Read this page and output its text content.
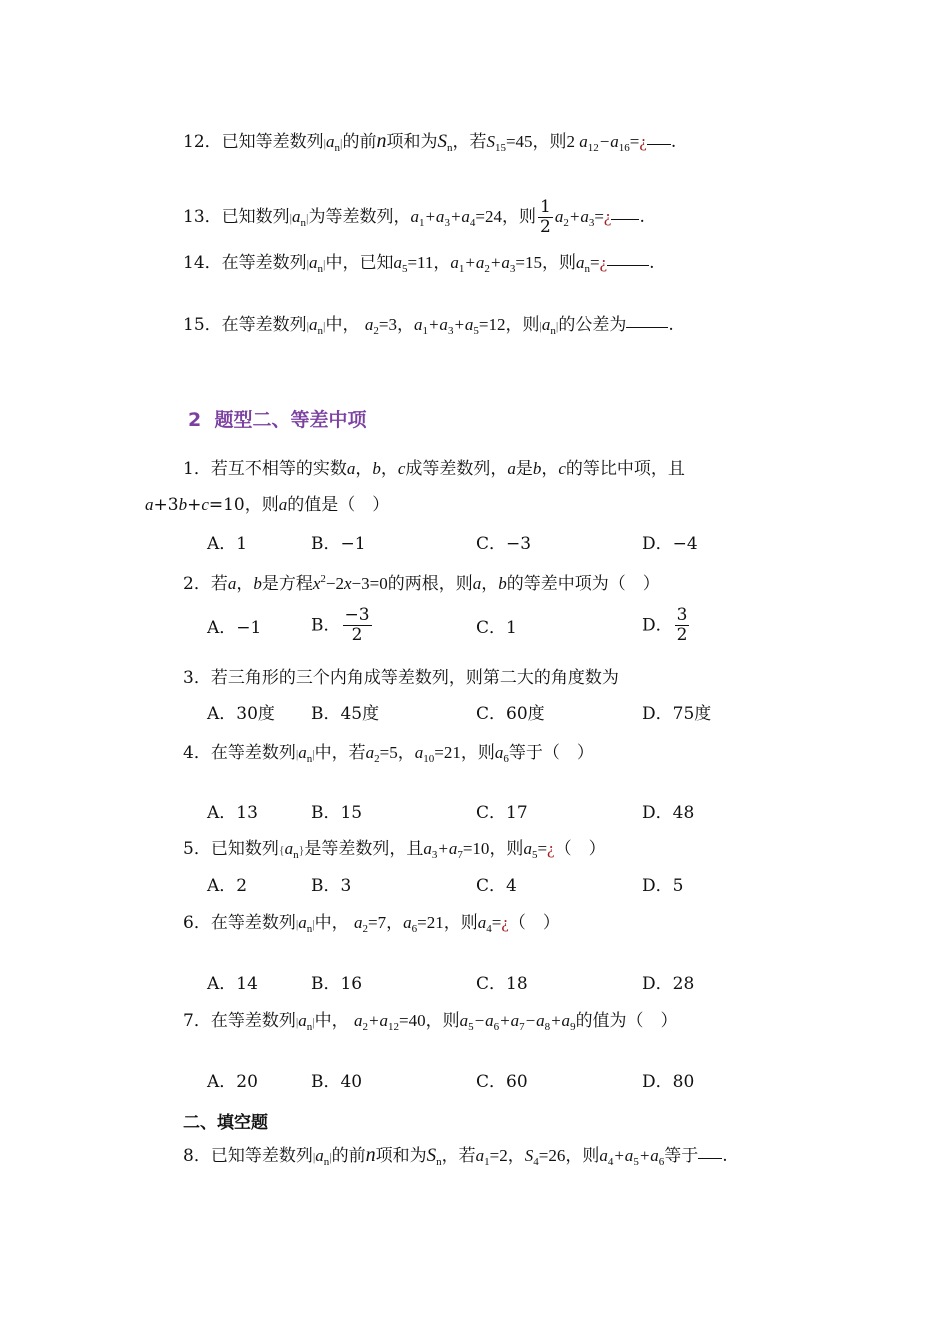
12．已知等差数列$|a_n|$的前n项和为$S_n$，若$S_{15}=45$，则2 $a_{12}-a_{16}=¿$ .
13．已知数列$|a_n|$为等差数列，$a_1+a_3+a_4=24$，则 $\frac{1}{2}$ $a_2+a_3=¿$ .
14．在等差数列$|a_n|$中，已知$a_5=11$，$a_1+a_2+a_3=15$，则$a_n=¿$ .
15．在等差数列$|a_n|$中， $a_2=3$，$a_1+a_3+a_5=12$，则$|a_n|$的公差为 .
2 题型二、等差中项
1．若互不相等的实数a，b，c成等差数列，a是b，c的等比中项，且
a+3b+c=10，则a的值是（　）
A．1	B．−1	C．−3	D．−4
2．若a，b是方程$x^2-2x-3=0$的两根，则a，b的等差中项为（　）
A．−1	B． $\frac{-3}{2}$	C．1	D． $\frac{3}{2}$
3．若三角形的三个内角成等差数列，则第二大的角度数为
A．30度 B．45度	C．60度	D．75度
4．在等差数列$|a_n|$中，若$a_2=5$，$a_{10}=21$，则$a_6$等于（　）
A．13	B．15	C．17	D．48
5．已知数列$\{a_n\}$是等差数列，且$a_3+a_7=10$，则$a_5=¿$（　）
A．2	B．3	C．4	D．5
6．在等差数列$|a_n|$中， $a_2=7$，$a_6=21$，则$a_4=¿$（　）
A．14	B．16	C．18	D．28
7．在等差数列$|a_n|$中， $a_2+a_{12}=40$，则$a_5-a_6+a_7-a_8+a_9$的值为（　）
A．20	B．40	C．60	D．80
二、填空题
8．已知等差数列$|a_n|$的前n项和为$S_n$，若$a_1=2$，$S_4=26$，则$a_4+a_5+a_6$等于 .
